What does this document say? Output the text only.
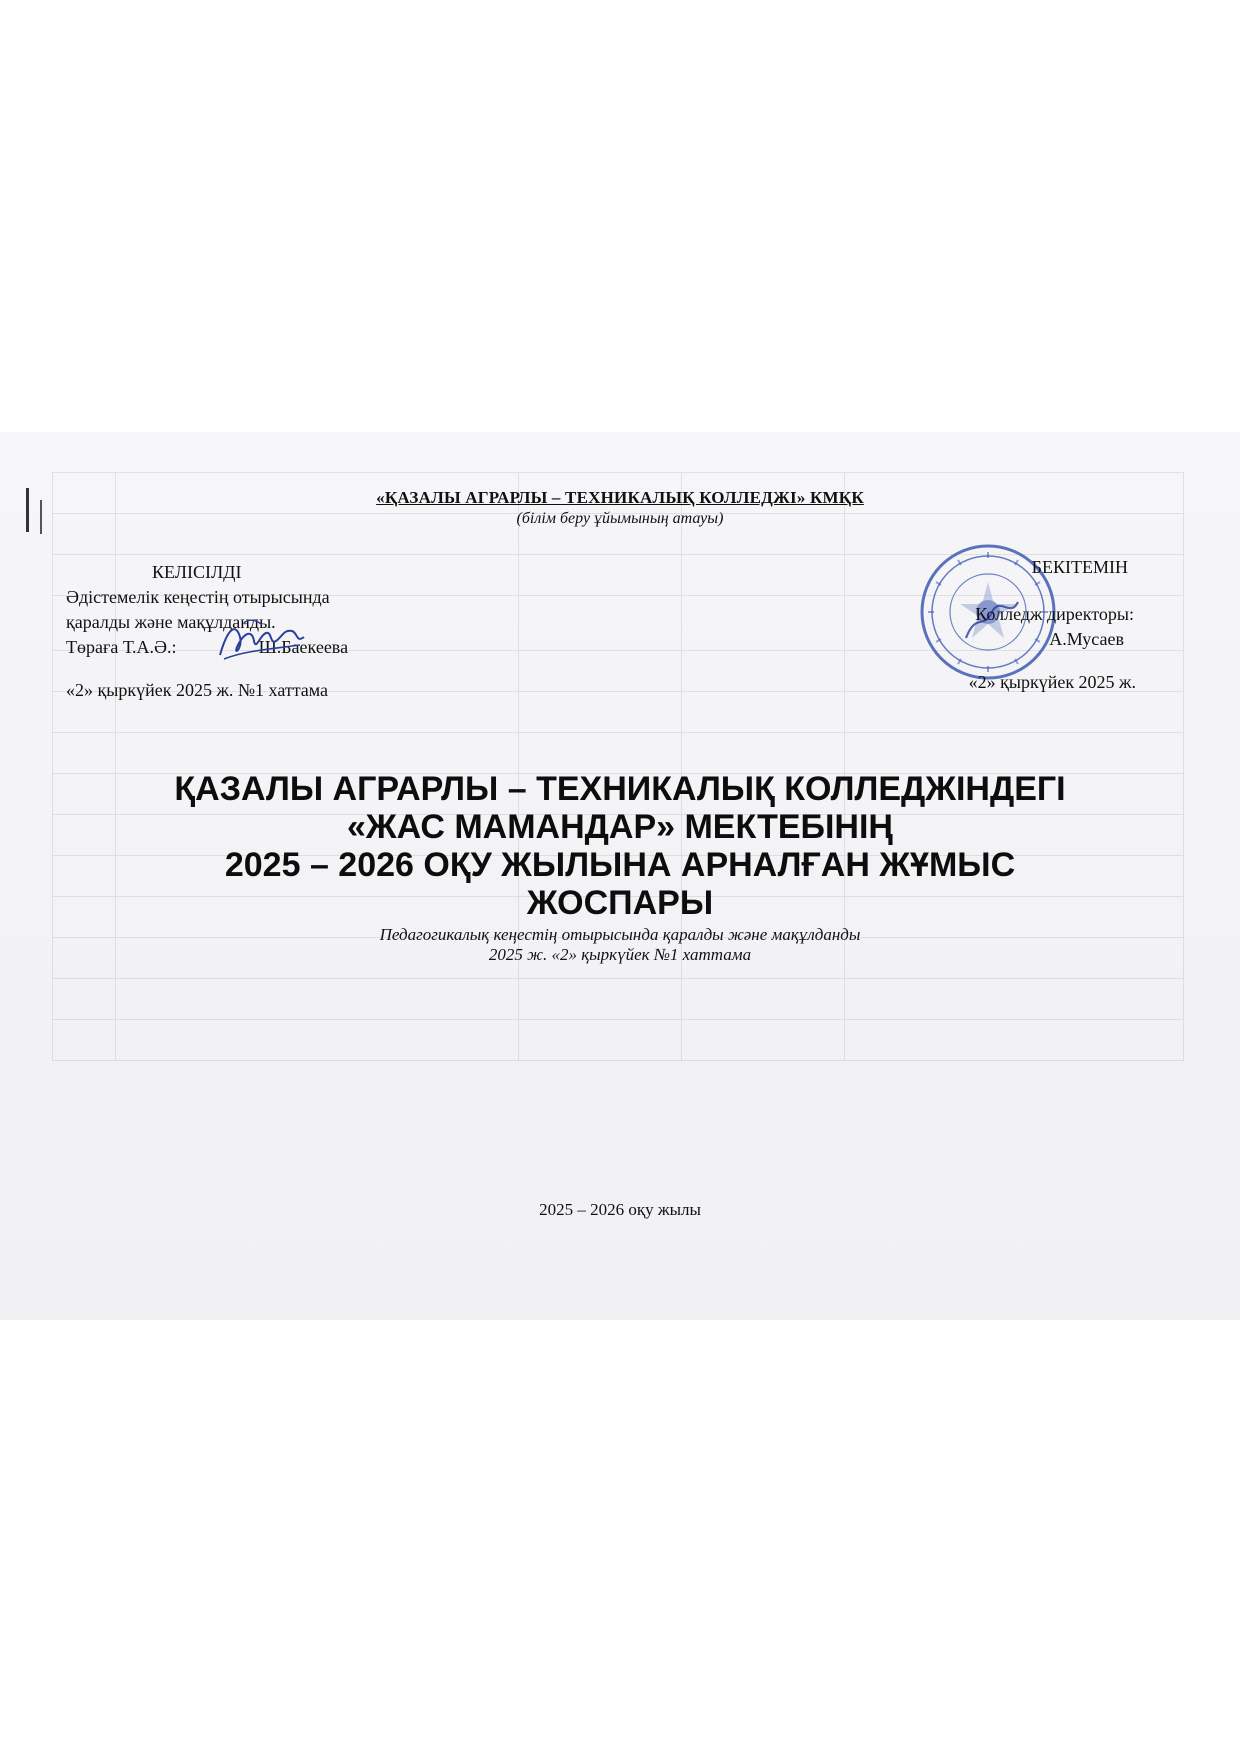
«ҚАЗАЛЫ АГРАРЛЫ – ТЕХНИКАЛЫҚ КОЛЛЕДЖІ» КМҚК
(білім беру ұйымының атауы)
КЕЛІСІЛДІ
Әдістемелік кеңестің отырысында
қаралды және мақұлданды.
Төраға Т.А.Ә.:	Ш.Баекеева
«2» қыркүйек 2025 ж. №1 хаттама
БЕКІТЕМІН
Колледж директоры:
А.Мусаев
«2» қыркүйек 2025 ж.
ҚАЗАЛЫ АГРАРЛЫ – ТЕХНИКАЛЫҚ КОЛЛЕДЖІНДЕГІ
«ЖАС МАМАНДАР» МЕКТЕБІНІҢ
2025 – 2026 ОҚУ ЖЫЛЫНА АРНАЛҒАН ЖҰМЫС
ЖОСПАРЫ
Педагогикалық кеңестің отырысында қаралды және мақұлданды
2025 ж. «2» қыркүйек №1 хаттама
2025 – 2026 оқу жылы
